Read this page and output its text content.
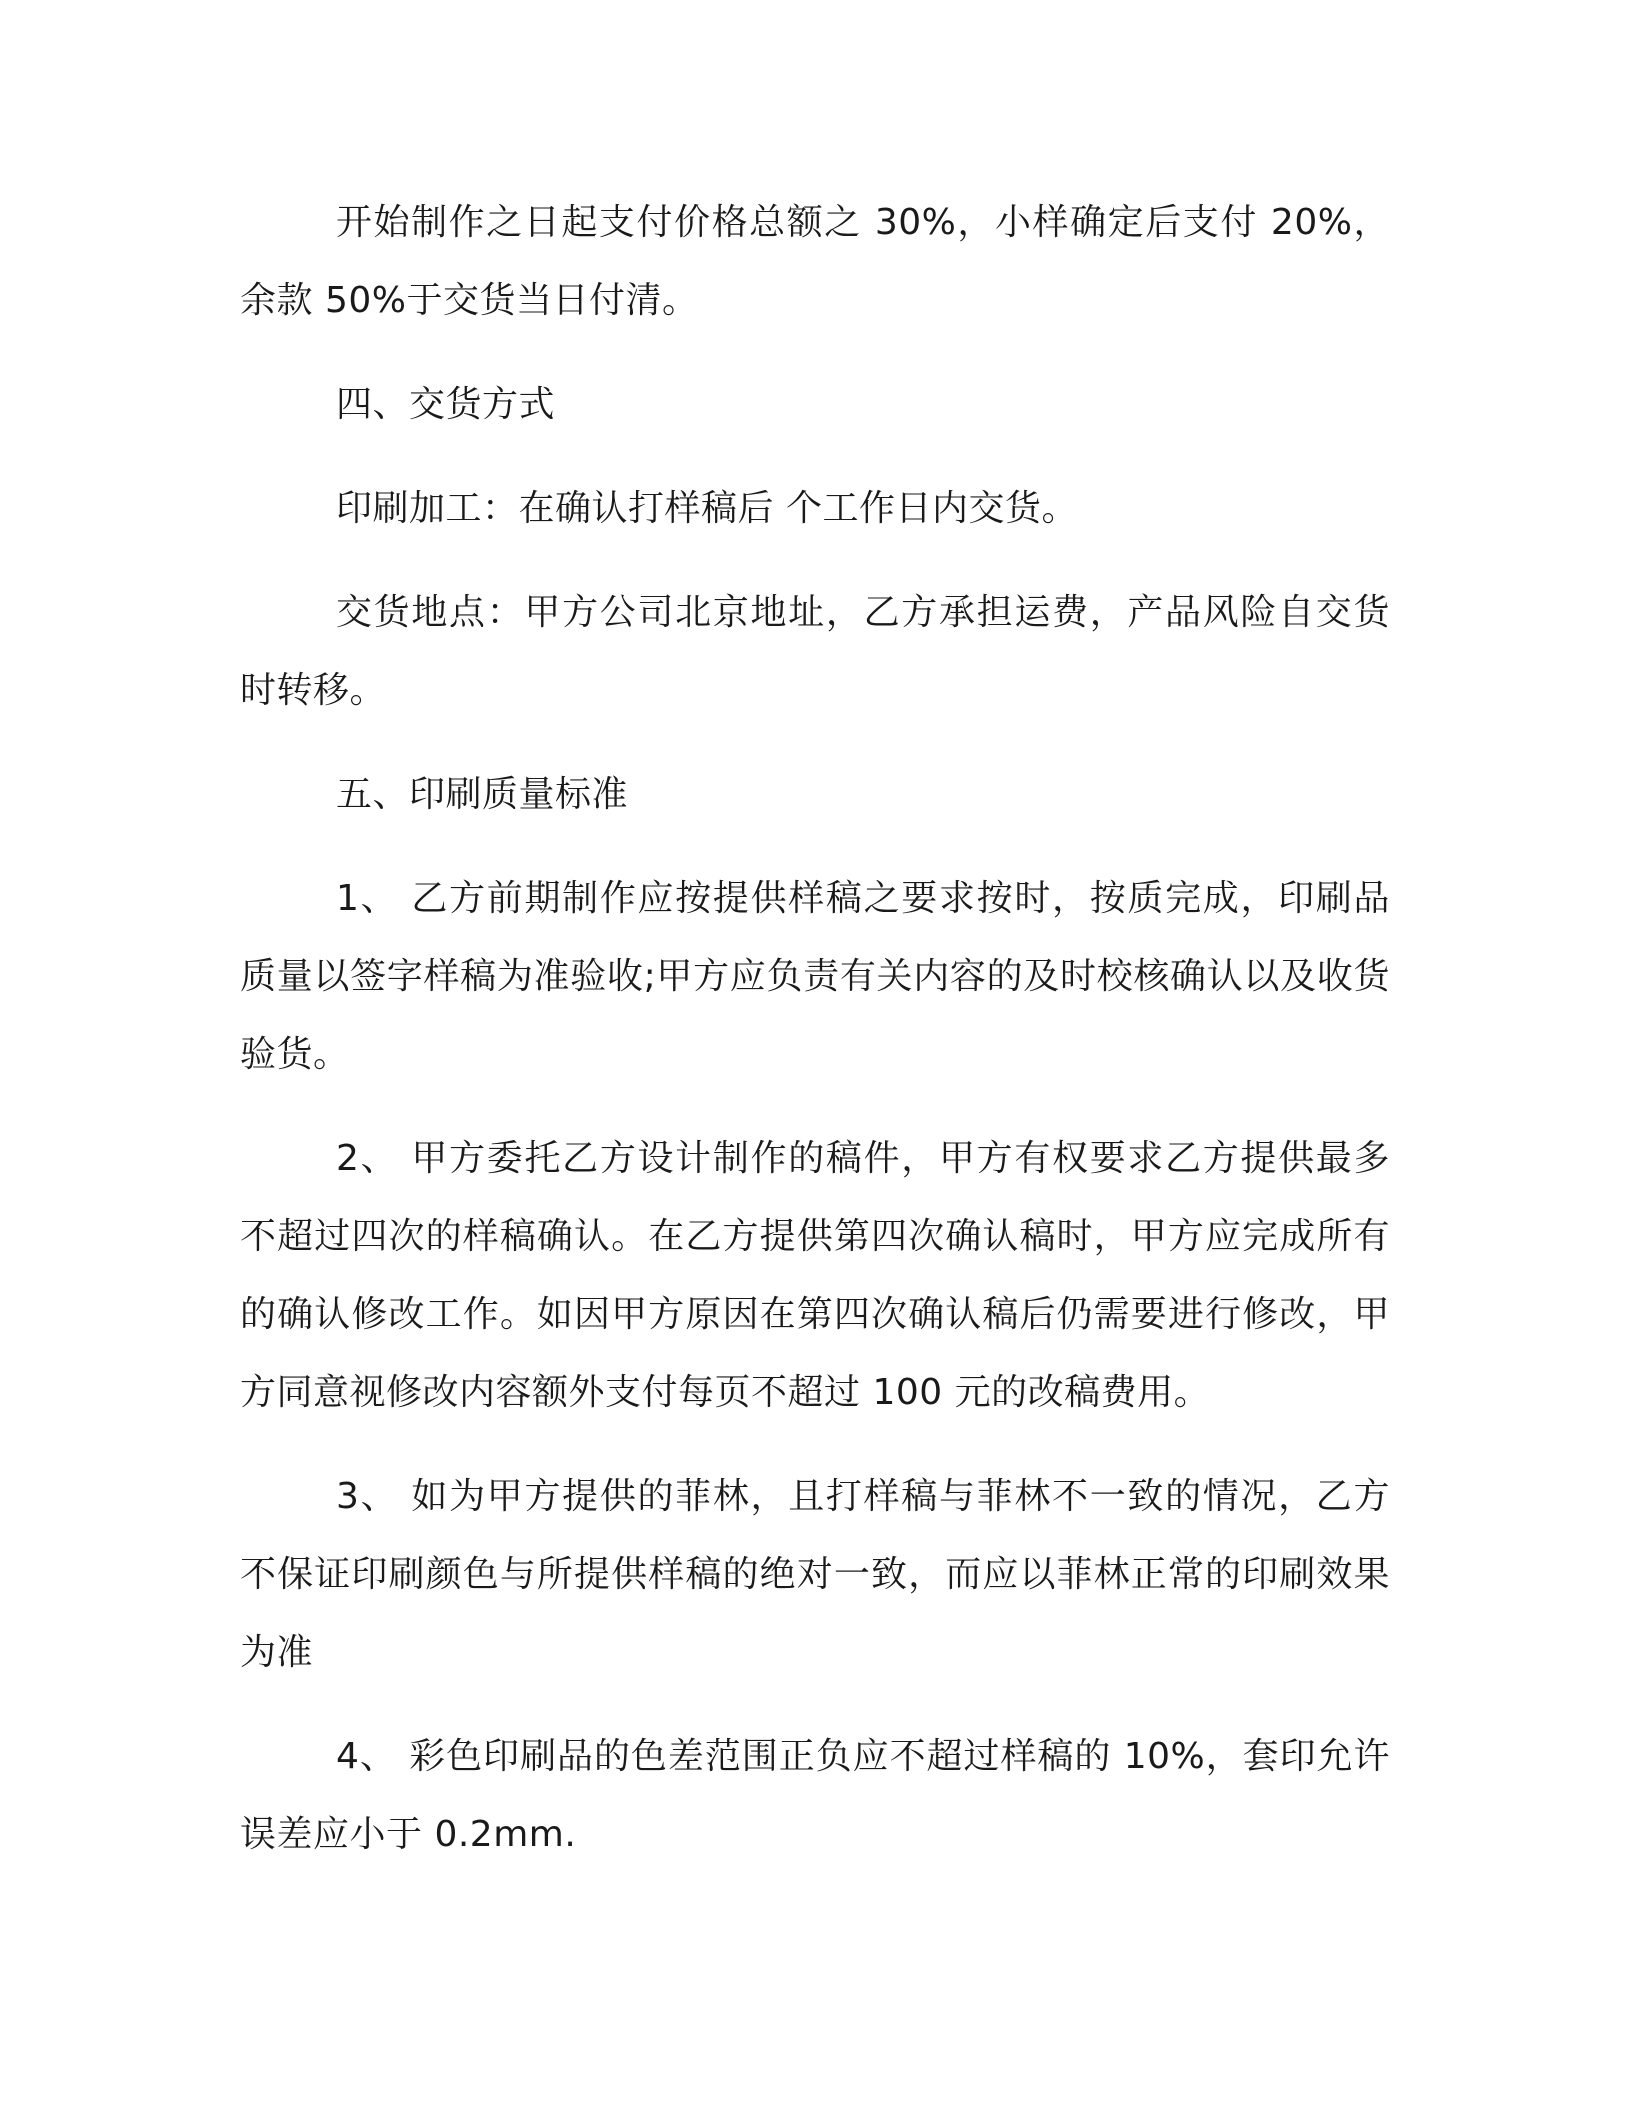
开始制作之日起支付价格总额之 30%，小样确定后支付 20%，余款 50%于交货当日付清。

四、交货方式

印刷加工：在确认打样稿后 个工作日内交货。

交货地点：甲方公司北京地址，乙方承担运费，产品风险自交货时转移。

五、印刷质量标准

1、 乙方前期制作应按提供样稿之要求按时，按质完成，印刷品质量以签字样稿为准验收;甲方应负责有关内容的及时校核确认以及收货验货。

2、 甲方委托乙方设计制作的稿件，甲方有权要求乙方提供最多不超过四次的样稿确认。在乙方提供第四次确认稿时，甲方应完成所有的确认修改工作。如因甲方原因在第四次确认稿后仍需要进行修改，甲方同意视修改内容额外支付每页不超过 100 元的改稿费用。

3、 如为甲方提供的菲林，且打样稿与菲林不一致的情况，乙方不保证印刷颜色与所提供样稿的绝对一致，而应以菲林正常的印刷效果为准

4、 彩色印刷品的色差范围正负应不超过样稿的 10%，套印允许误差应小于 0.2mm.
